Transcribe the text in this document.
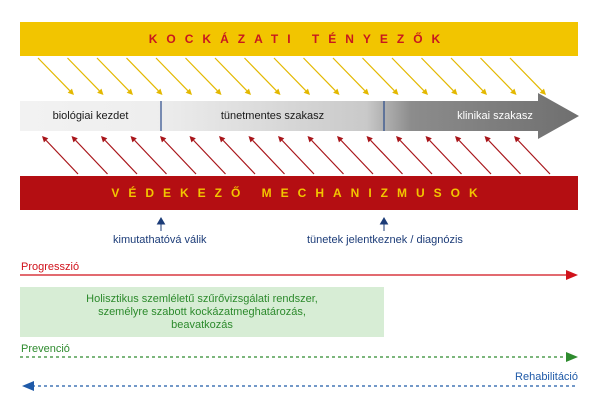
KOCKÁZATI TÉNYEZŐK
VÉDEKEZŐ MECHANIZMUSOK
biológiai kezdet	tünetmentes szakasz	klinikai szakasz
kimutathatóvá válik	tünetek jelentkeznek / diagnózis
Progresszió
Prevenció
Rehabilitáció
Holisztikus szemléletű szűrővizsgálati rendszer,
személyre szabott kockázatmeghatározás,
beavatkozás
